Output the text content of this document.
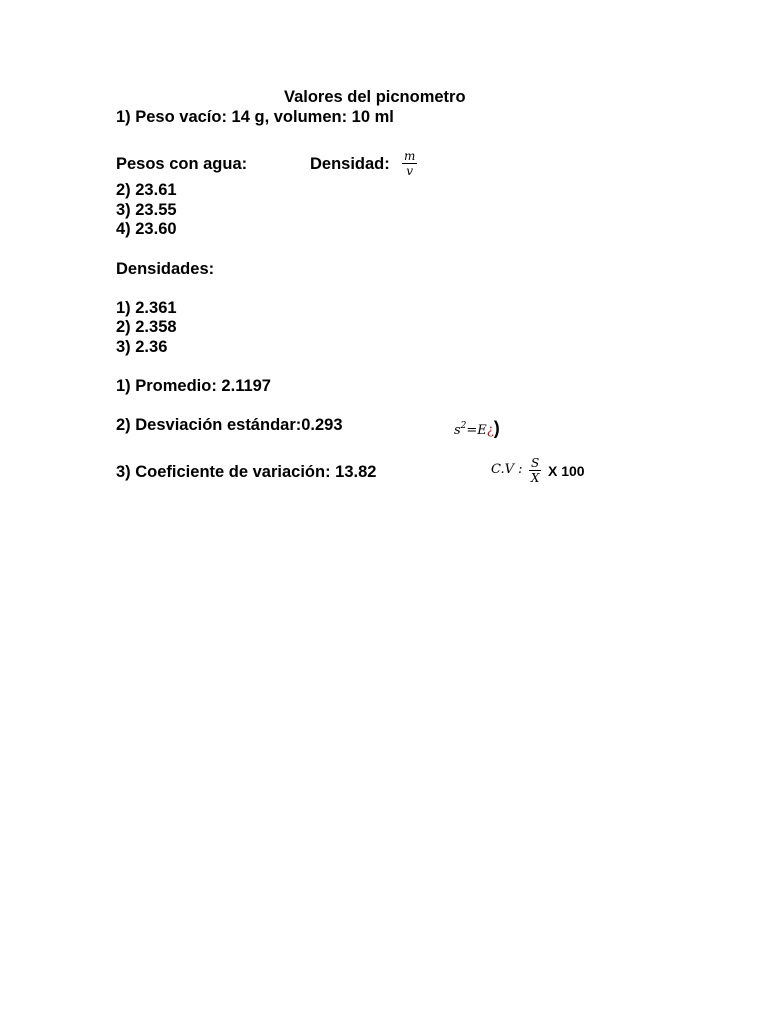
Valores del picnometro
1) Peso vacío: 14 g, volumen: 10 ml
Pesos con agua:	Densidad: $\frac{m}{v}$
2) 23.61
3) 23.55
4) 23.60
Densidades:
1) 2.361
2) 2.358
3) 2.36
1) Promedio: 2.1197
2) Desviación estándar:0.293	$s^2=E¿$)
3) Coeficiente de variación: 13.82	C.V : $\frac{S}{X}$ X 100
